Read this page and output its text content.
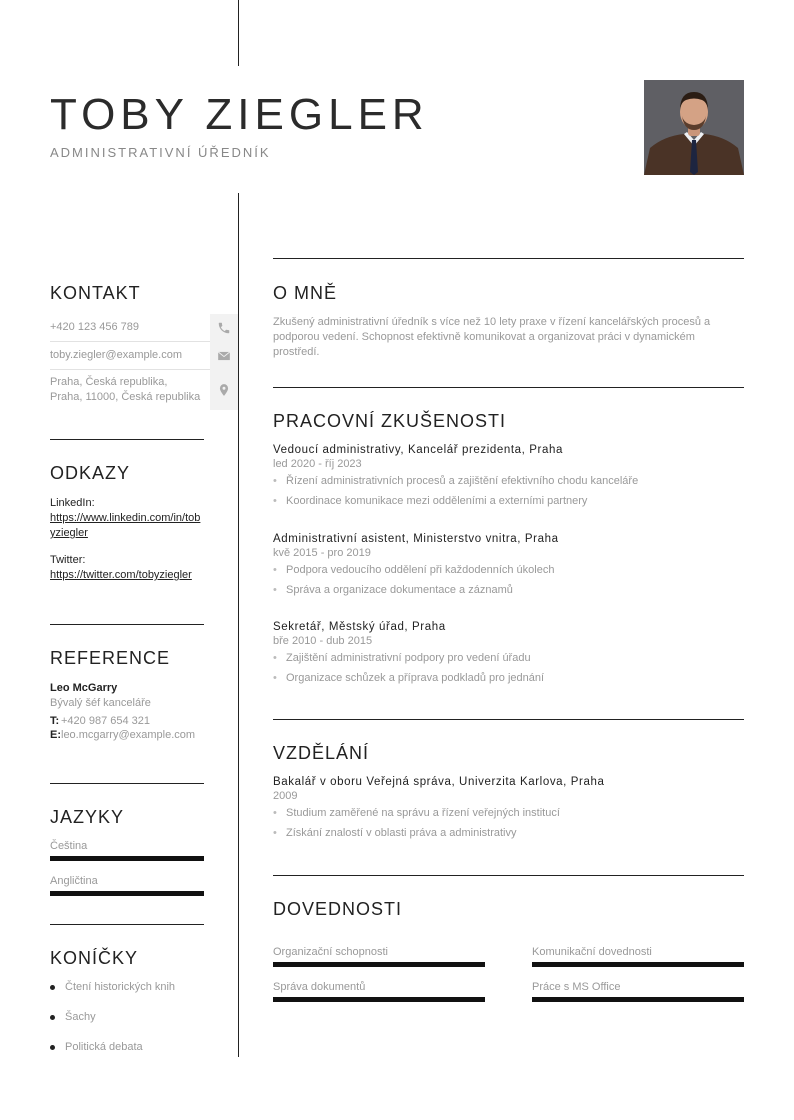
TOBY ZIEGLER
ADMINISTRATIVNÍ ÚŘEDNÍK
KONTAKT
+420 123 456 789
toby.ziegler@example.com
Praha, Česká republika,
Praha, 11000, Česká republika
ODKAZY
LinkedIn:
https://www.linkedin.com/in/tobyziegler
Twitter:
https://twitter.com/tobyziegler
REFERENCE
Leo McGarry
Bývalý šéf kanceláře
T: +420 987 654 321
E: leo.mcgarry@example.com
JAZYKY
Čeština
Angličtina
KONÍČKY
Čtení historických knih
Šachy
Politická debata
O MNĚ
Zkušený administrativní úředník s více než 10 lety praxe v řízení kancelářských procesů a podporou vedení. Schopnost efektivně komunikovat a organizovat práci v dynamickém prostředí.
PRACOVNÍ ZKUŠENOSTI
Vedoucí administrativy, Kancelář prezidenta, Praha
led 2020 - říj 2023
• Řízení administrativních procesů a zajištění efektivního chodu kanceláře
• Koordinace komunikace mezi odděleními a externími partnery
Administrativní asistent, Ministerstvo vnitra, Praha
kvě 2015 - pro 2019
• Podpora vedoucího oddělení při každodenních úkolech
• Správa a organizace dokumentace a záznamů
Sekretář, Městský úřad, Praha
bře 2010 - dub 2015
• Zajištění administrativní podpory pro vedení úřadu
• Organizace schůzek a příprava podkladů pro jednání
VZDĚLÁNÍ
Bakalář v oboru Veřejná správa, Univerzita Karlova, Praha
2009
• Studium zaměřené na správu a řízení veřejných institucí
• Získání znalostí v oblasti práva a administrativy
DOVEDNOSTI
Organizační schopnosti	Komunikační dovednosti
Správa dokumentů	Práce s MS Office
